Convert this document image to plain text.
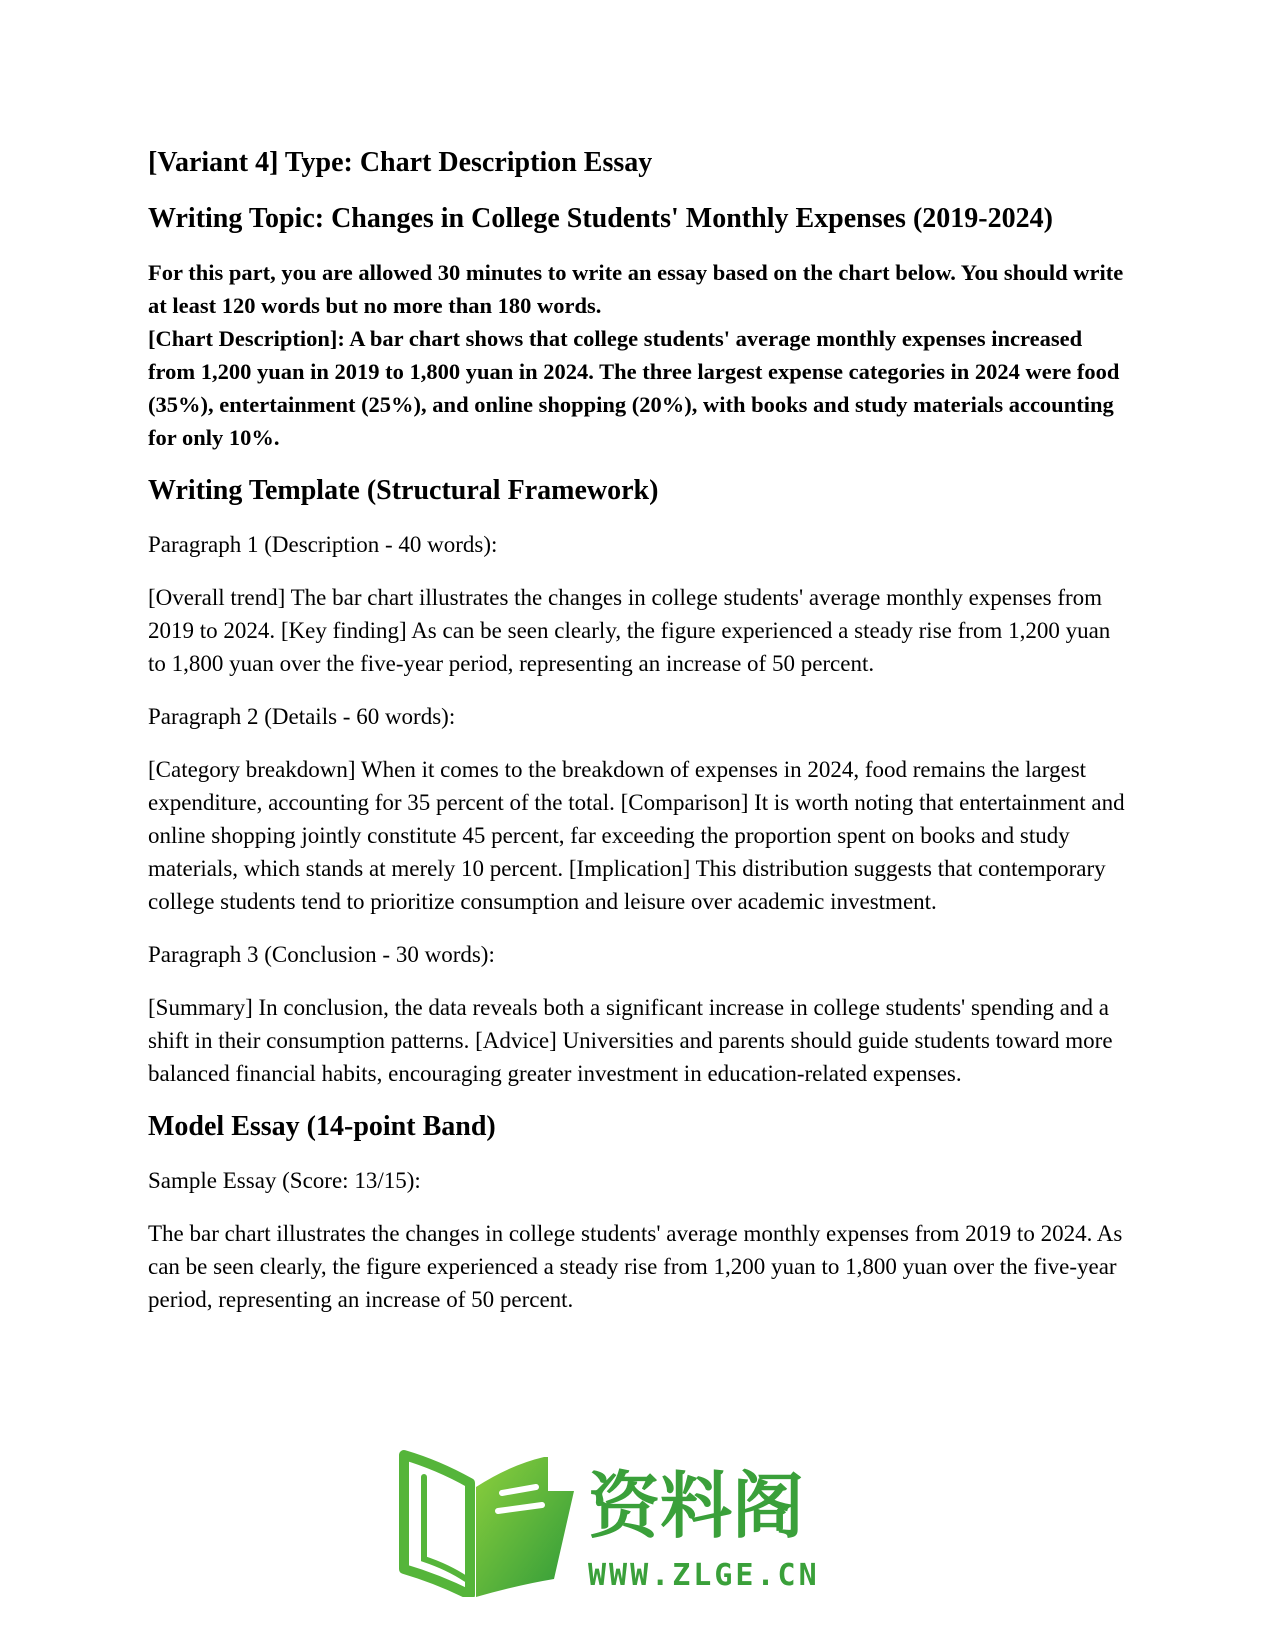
[Variant 4] Type: Chart Description Essay
Writing Topic: Changes in College Students' Monthly Expenses (2019-2024)

For this part, you are allowed 30 minutes to write an essay based on the chart below. You should write at least 120 words but no more than 180 words.

[Chart Description]: A bar chart shows that college students' average monthly expenses increased from 1,200 yuan in 2019 to 1,800 yuan in 2024. The three largest expense categories in 2024 were food (35%), entertainment (25%), and online shopping (20%), with books and study materials accounting for only 10%.

Writing Template (Structural Framework)

Paragraph 1 (Description - 40 words):

[Overall trend] The bar chart illustrates the changes in college students' average monthly expenses from 2019 to 2024. [Key finding] As can be seen clearly, the figure experienced a steady rise from 1,200 yuan to 1,800 yuan over the five-year period, representing an increase of 50 percent.

Paragraph 2 (Details - 60 words):

[Category breakdown] When it comes to the breakdown of expenses in 2024, food remains the largest expenditure, accounting for 35 percent of the total. [Comparison] It is worth noting that entertainment and online shopping jointly constitute 45 percent, far exceeding the proportion spent on books and study materials, which stands at merely 10 percent. [Implication] This distribution suggests that contemporary college students tend to prioritize consumption and leisure over academic investment.

Paragraph 3 (Conclusion - 30 words):

[Summary] In conclusion, the data reveals both a significant increase in college students' spending and a shift in their consumption patterns. [Advice] Universities and parents should guide students toward more balanced financial habits, encouraging greater investment in education-related expenses.

Model Essay (14-point Band)

Sample Essay (Score: 13/15):

The bar chart illustrates the changes in college students' average monthly expenses from 2019 to 2024. As can be seen clearly, the figure experienced a steady rise from 1,200 yuan to 1,800 yuan over the five-year period, representing an increase of 50 percent.

资料阁
WWW.ZLGE.CN
